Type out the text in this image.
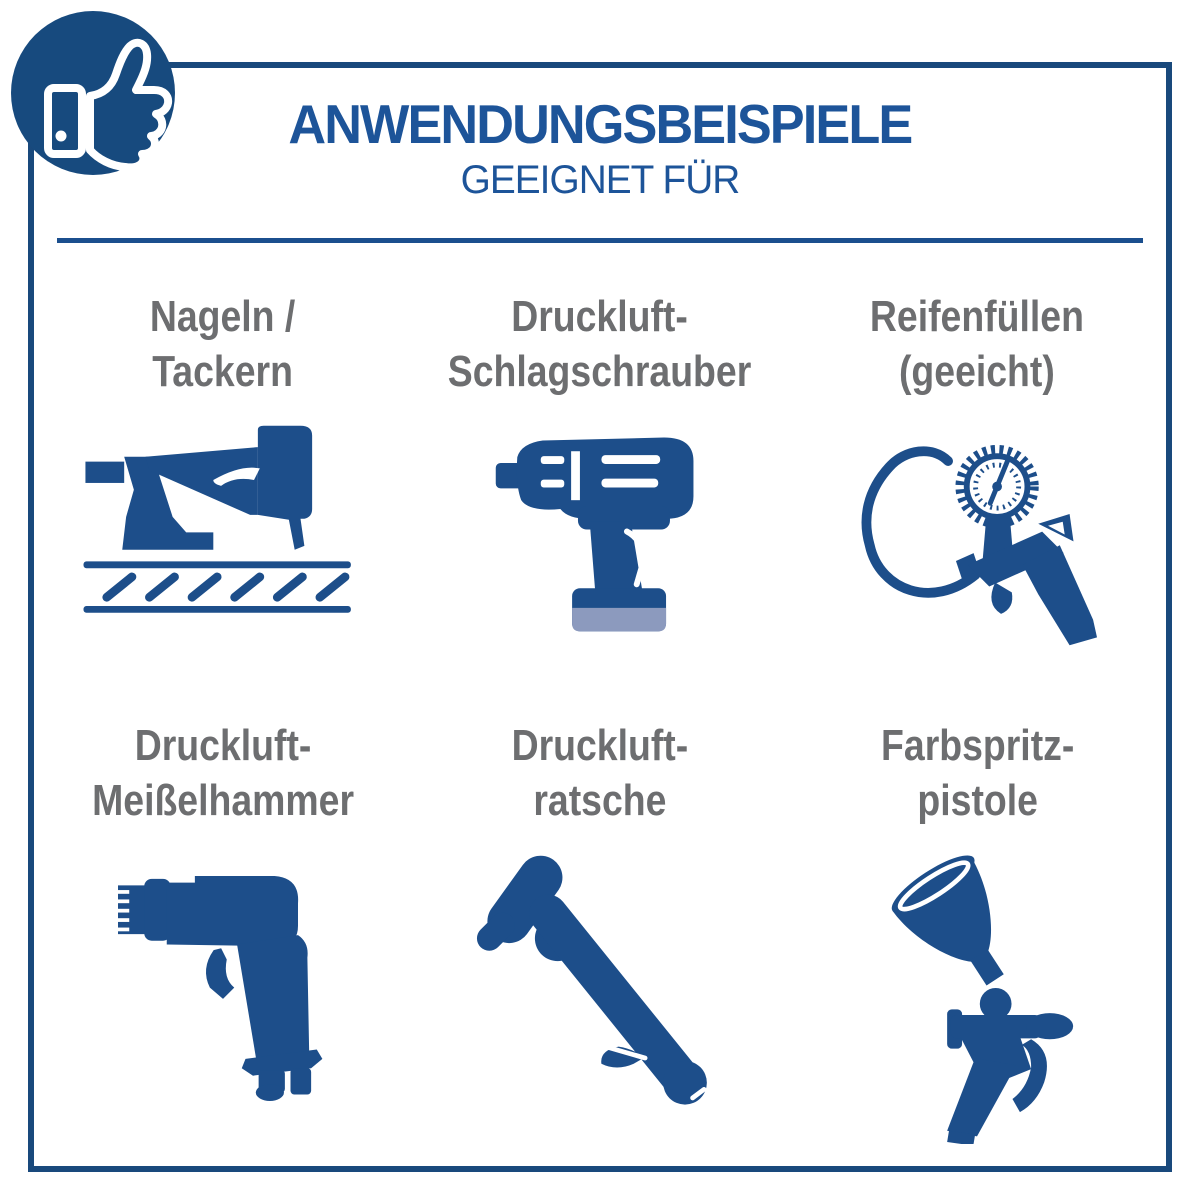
ANWENDUNGSBEISPIELE
GEEIGNET FÜR
Nageln /
Tackern
Druckluft-
Schlagschrauber
Reifenfüllen
(geeicht)
Druckluft-
Meißelhammer
Druckluft-
ratsche
Farbspritz-
pistole
